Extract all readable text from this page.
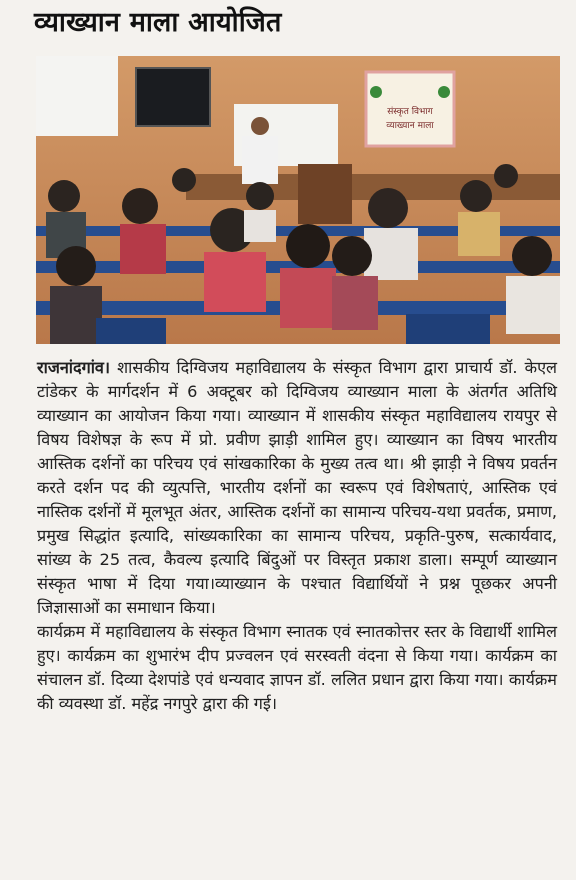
व्याख्यान माला आयोजित
संस्कृत विभाग
व्याख्यान माला

राजनांदगांव। शासकीय दिग्विजय महाविद्यालय के संस्कृत विभाग द्वारा प्राचार्य डॉ. केएल टांडेकर के मार्गदर्शन में 6 अक्टूबर को दिग्विजय व्याख्यान माला के अंतर्गत अतिथि व्याख्यान का आयोजन किया गया। व्याख्यान में शासकीय संस्कृत महाविद्यालय रायपुर से विषय विशेषज्ञ के रूप में प्रो. प्रवीण झाड़ी शामिल हुए। व्याख्यान का विषय भारतीय आस्तिक दर्शनों का परिचय एवं सांखकारिका के मुख्य तत्व था। श्री झाड़ी ने विषय प्रवर्तन करते दर्शन पद की व्युत्पत्ति, भारतीय दर्शनों का स्वरूप एवं विशेषताएं, आस्तिक एवं नास्तिक दर्शनों में मूलभूत अंतर, आस्तिक दर्शनों का सामान्य परिचय-यथा प्रवर्तक, प्रमाण, प्रमुख सिद्धांत इत्यादि, सांख्यकारिका का सामान्य परिचय, प्रकृति-पुरुष, सत्कार्यवाद, सांख्य के 25 तत्व, कैवल्य इत्यादि बिंदुओं पर विस्तृत प्रकाश डाला। सम्पूर्ण व्याख्यान संस्कृत भाषा में दिया गया।व्याख्यान के पश्चात विद्यार्थियों ने प्रश्न पूछकर अपनी जिज्ञासाओं का समाधान किया।

कार्यक्रम में महाविद्यालय के संस्कृत विभाग स्नातक एवं स्नातकोत्तर स्तर के विद्यार्थी शामिल हुए। कार्यक्रम का शुभारंभ दीप प्रज्वलन एवं सरस्वती वंदना से किया गया। कार्यक्रम का संचालन डॉ. दिव्या देशपांडे एवं धन्यवाद ज्ञापन डॉ. ललित प्रधान द्वारा किया गया। कार्यक्रम की व्यवस्था डॉ. महेंद्र नगपुरे द्वारा की गई।
